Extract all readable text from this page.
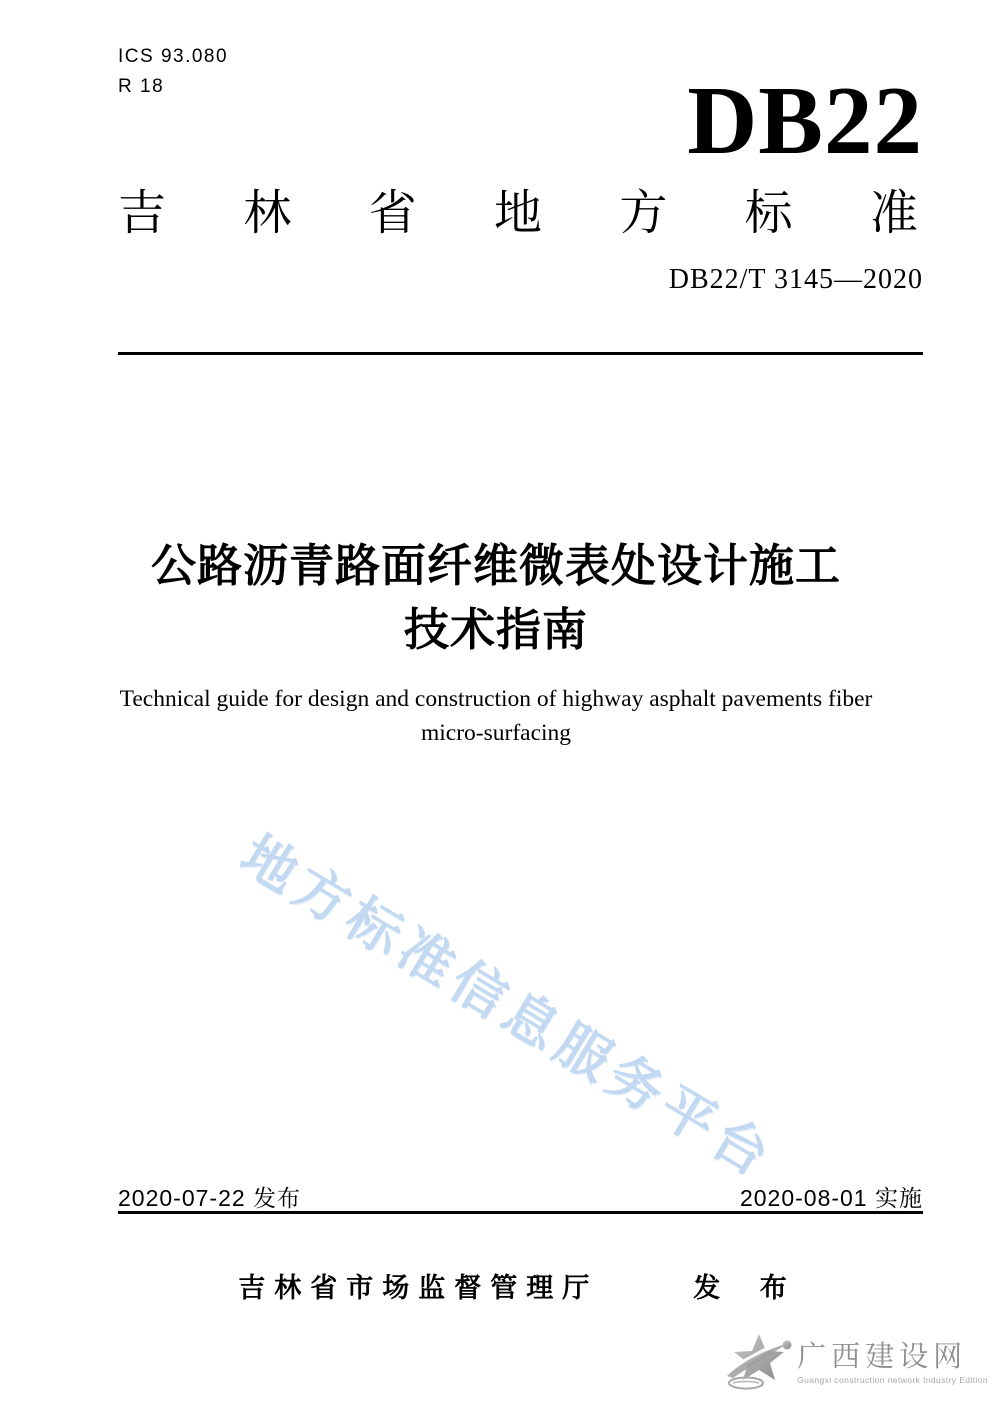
ICS 93.080
R 18	DB22
吉 林 省 地 方 标 准
DB22/T 3145—2020
公路沥青路面纤维微表处设计施工
技术指南
Technical guide for design and construction of highway asphalt pavements fiber
micro-surfacing
地方标准信息服务平台
2020-07-22 发布	2020-08-01 实施
吉林省市场监督管理厅	发 布
广西建设网
Guangxi construction network Industry Edition
